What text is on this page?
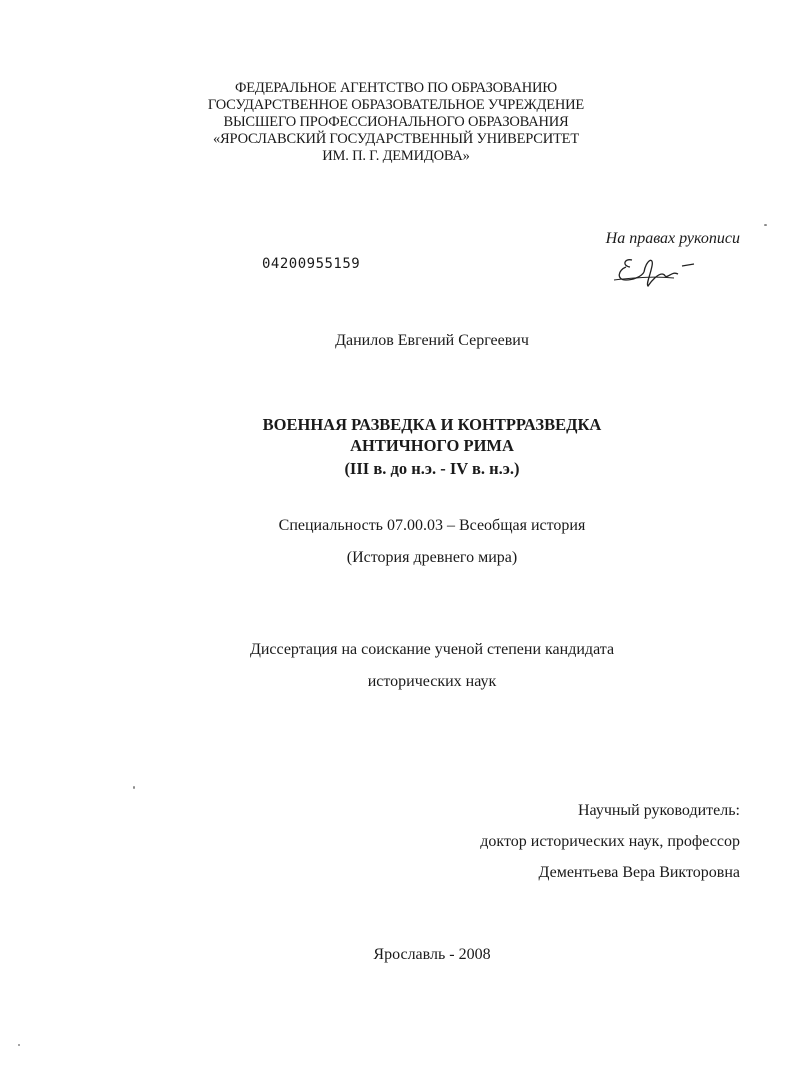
ФЕДЕРАЛЬНОЕ АГЕНТСТВО ПО ОБРАЗОВАНИЮ
ГОСУДАРСТВЕННОЕ ОБРАЗОВАТЕЛЬНОЕ УЧРЕЖДЕНИЕ
ВЫСШЕГО ПРОФЕССИОНАЛЬНОГО ОБРАЗОВАНИЯ
«ЯРОСЛАВСКИЙ ГОСУДАРСТВЕННЫЙ УНИВЕРСИТЕТ
ИМ. П. Г. ДЕМИДОВА»
На правах рукописи
04200955159
Данилов Евгений Сергеевич
ВОЕННАЯ РАЗВЕДКА И КОНТРРАЗВЕДКА
АНТИЧНОГО РИМА
(III в. до н.э. - IV в. н.э.)
Специальность 07.00.03 – Всеобщая история
(История древнего мира)
Диссертация на соискание ученой степени кандидата
исторических наук
Научный руководитель:
доктор исторических наук, профессор
Дементьева Вера Викторовна
Ярославль - 2008
